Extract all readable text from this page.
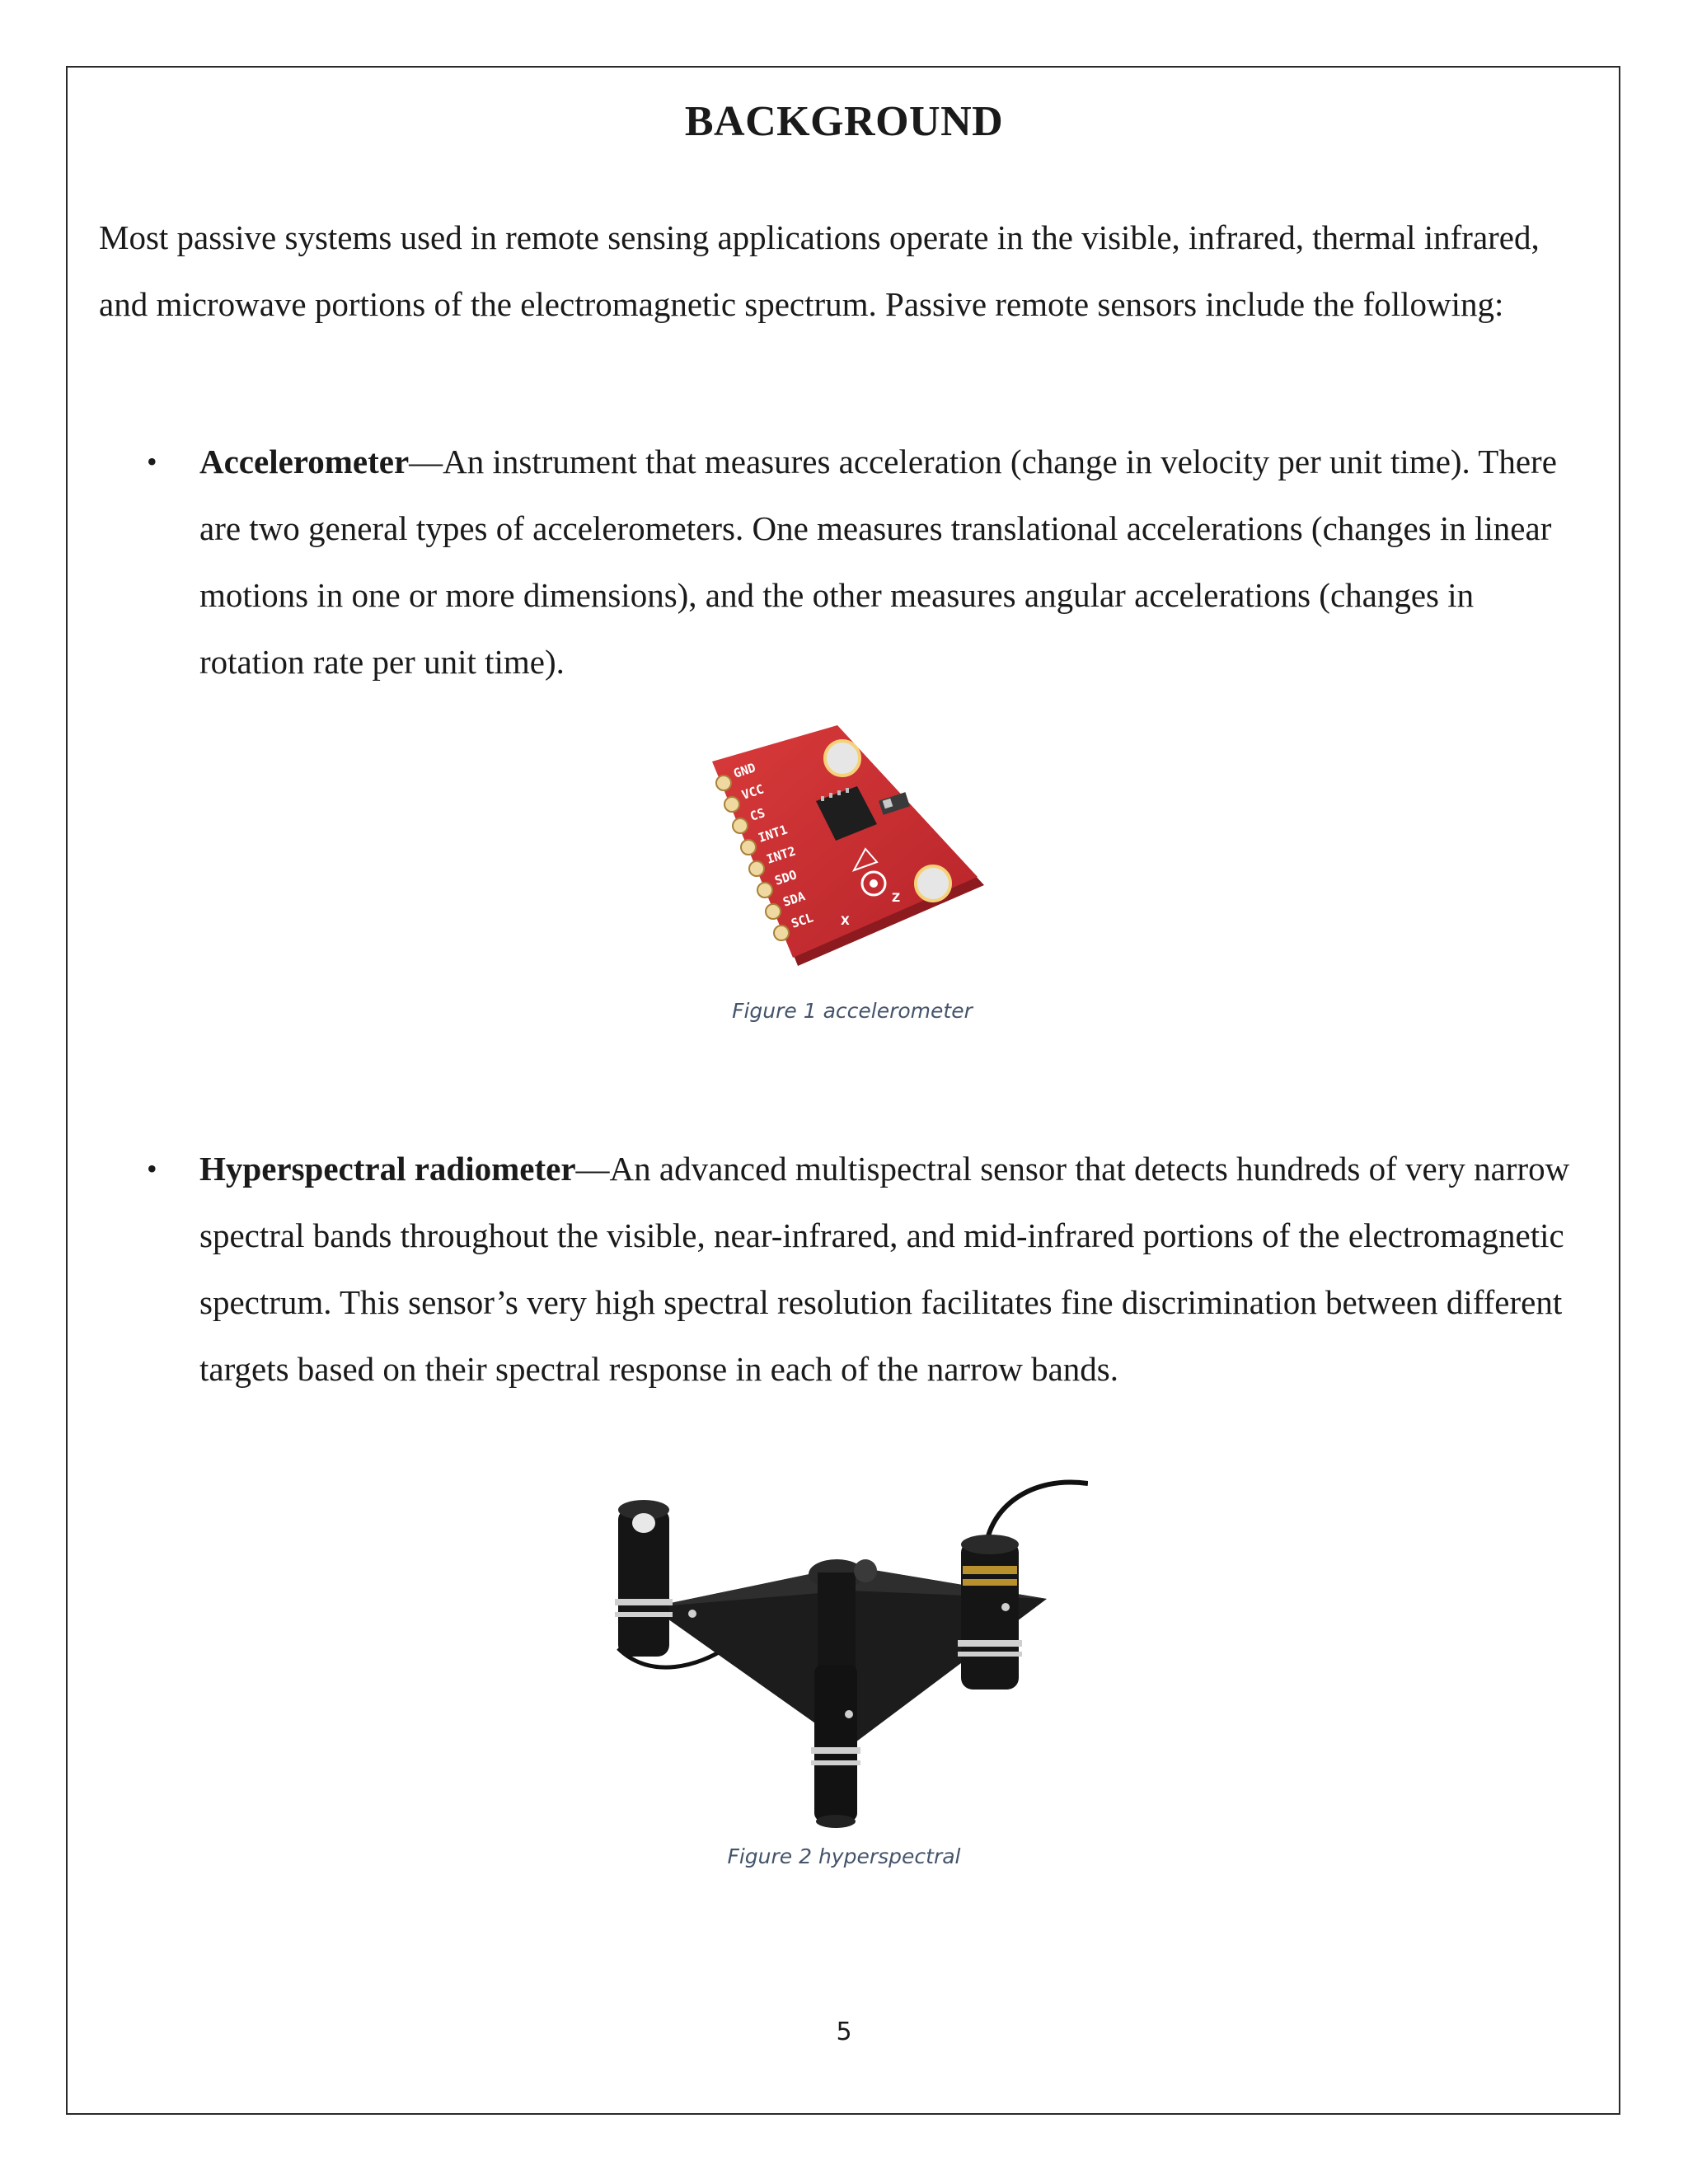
BACKGROUND

Most passive systems used in remote sensing applications operate in the visible, infrared, thermal infrared, and microwave portions of the electromagnetic spectrum. Passive remote sensors include the following:

• Accelerometer—An instrument that measures acceleration (change in velocity per unit time). There are two general types of accelerometers. One measures translational accelerations (changes in linear motions in one or more dimensions), and the other measures angular accelerations (changes in rotation rate per unit time).

GND
VCC
CS
INT1
INT2
SDO
SDA
SCL
Z
X

Figure 1 accelerometer

• Hyperspectral radiometer—An advanced multispectral sensor that detects hundreds of very narrow spectral bands throughout the visible, near-infrared, and mid-infrared portions of the electromagnetic spectrum. This sensor’s very high spectral resolution facilitates fine discrimination between different targets based on their spectral response in each of the narrow bands.

Figure 2 hyperspectral

5
